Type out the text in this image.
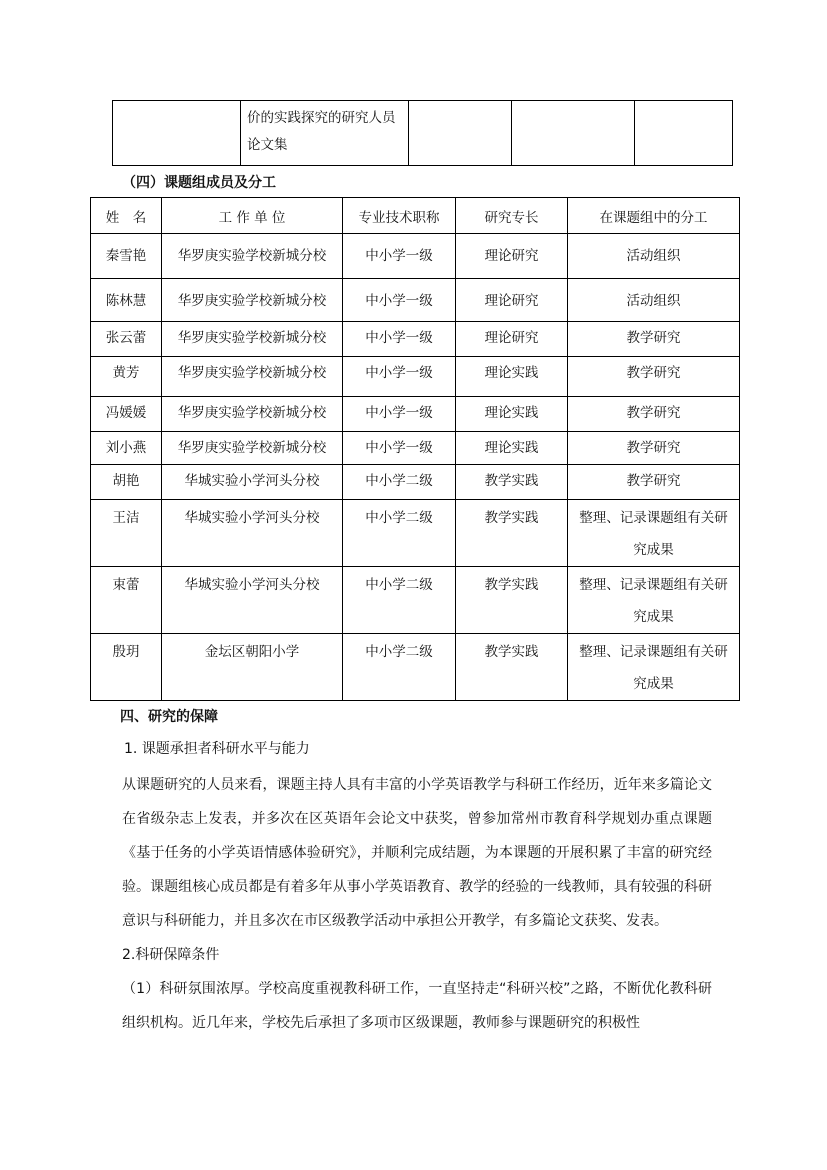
价的实践探究的研究人员论文集

（四）课题组成员及分工
姓　名	工 作 单 位	专业技术职称	研究专长	在课题组中的分工
秦雪艳	华罗庚实验学校新城分校	中小学一级	理论研究	活动组织
陈林慧	华罗庚实验学校新城分校	中小学一级	理论研究	活动组织
张云蕾	华罗庚实验学校新城分校	中小学一级	理论研究	教学研究
黄芳	华罗庚实验学校新城分校	中小学一级	理论实践	教学研究
冯媛媛	华罗庚实验学校新城分校	中小学一级	理论实践	教学研究
刘小燕	华罗庚实验学校新城分校	中小学一级	理论实践	教学研究
胡艳	华城实验小学河头分校	中小学二级	教学实践	教学研究
王洁	华城实验小学河头分校	中小学二级	教学实践	整理、记录课题组有关研究成果
束蕾	华城实验小学河头分校	中小学二级	教学实践	整理、记录课题组有关研究成果
殷玥	金坛区朝阳小学	中小学二级	教学实践	整理、记录课题组有关研究成果
四、研究的保障
1. 课题承担者科研水平与能力

从课题研究的人员来看，课题主持人具有丰富的小学英语教学与科研工作经历，近年来多篇论文在省级杂志上发表，并多次在区英语年会论文中获奖，曾参加常州市教育科学规划办重点课题《基于任务的小学英语情感体验研究》，并顺利完成结题，为本课题的开展积累了丰富的研究经验。课题组核心成员都是有着多年从事小学英语教育、教学的经验的一线教师，具有较强的科研意识与科研能力，并且多次在市区级教学活动中承担公开教学，有多篇论文获奖、发表。

2.科研保障条件

（1）科研氛围浓厚。学校高度重视教科研工作，一直坚持走“科研兴校”之路，不断优化教科研组织机构。近几年来，学校先后承担了多项市区级课题，教师参与课题研究的积极性
